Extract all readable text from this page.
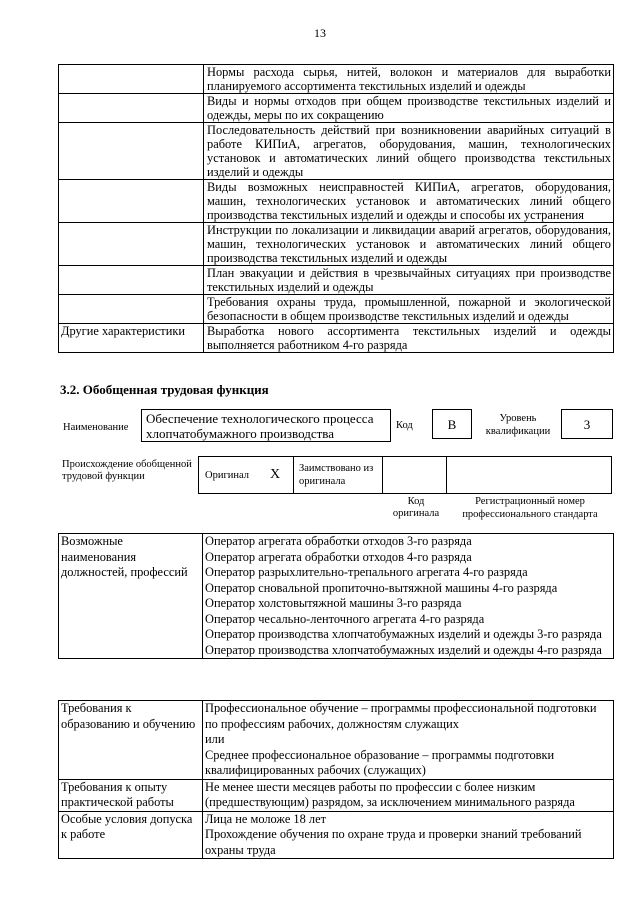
13

	Нормы расхода сырья, нитей, волокон и материалов для выработки планируемого ассортимента текстильных изделий и одежды

	Виды и нормы отходов при общем производстве текстильных изделий и одежды, меры по их сокращению

	Последовательность действий при возникновении аварийных ситуаций в работе КИПиА, агрегатов, оборудования, машин, технологических установок и автоматических линий общего производства текстильных изделий и одежды

	Виды возможных неисправностей КИПиА, агрегатов, оборудования, машин, технологических установок и автоматических линий общего производства текстильных изделий и одежды и способы их устранения

	Инструкции по локализации и ликвидации аварий агрегатов, оборудования, машин, технологических установок и автоматических линий общего производства текстильных изделий и одежды

	План эвакуации и действия в чрезвычайных ситуациях при производстве текстильных изделий и одежды

	Требования охраны труда, промышленной, пожарной и экологической безопасности в общем производстве текстильных изделий и одежды

Другие характеристики	Выработка нового ассортимента текстильных изделий и одежды выполняется работником 4-го разряда
3.2. Обобщенная трудовая функция
Наименование
Обеспечение технологического процесса хлопчатобумажного производства
Код	B	Уровень квалификации	3
Происхождение обобщенной трудовой функции	Оригинал X Заимствовано из оригинала
Код оригинала
Регистрационный номер профессионального стандарта
Возможные наименования должностей, профессий	
Оператор агрегата обработки отходов 3-го разряда
Оператор агрегата обработки отходов 4-го разряда
Оператор разрыхлительно-трепального агрегата 4-го разряда
Оператор сновальной пропиточно-вытяжной машины 4-го разряда
Оператор холстовытяжной машины 3-го разряда
Оператор чесально-ленточного агрегата 4-го разряда
Оператор производства хлопчатобумажных изделий и одежды 3-го разряда
Оператор производства хлопчатобумажных изделий и одежды 4-го разряда
Требования к образованию и обучению	Профессиональное обучение – программы профессиональной подготовки по профессиям рабочих, должностям служащих
или
Среднее профессиональное образование – программы подготовки квалифицированных рабочих (служащих)

Требования к опыту практической работы	Не менее шести месяцев работы по профессии с более низким (предшествующим) разрядом, за исключением минимального разряда

Особые условия допуска к работе	Лица не моложе 18 лет
Прохождение обучения по охране труда и проверки знаний требований охраны труда
